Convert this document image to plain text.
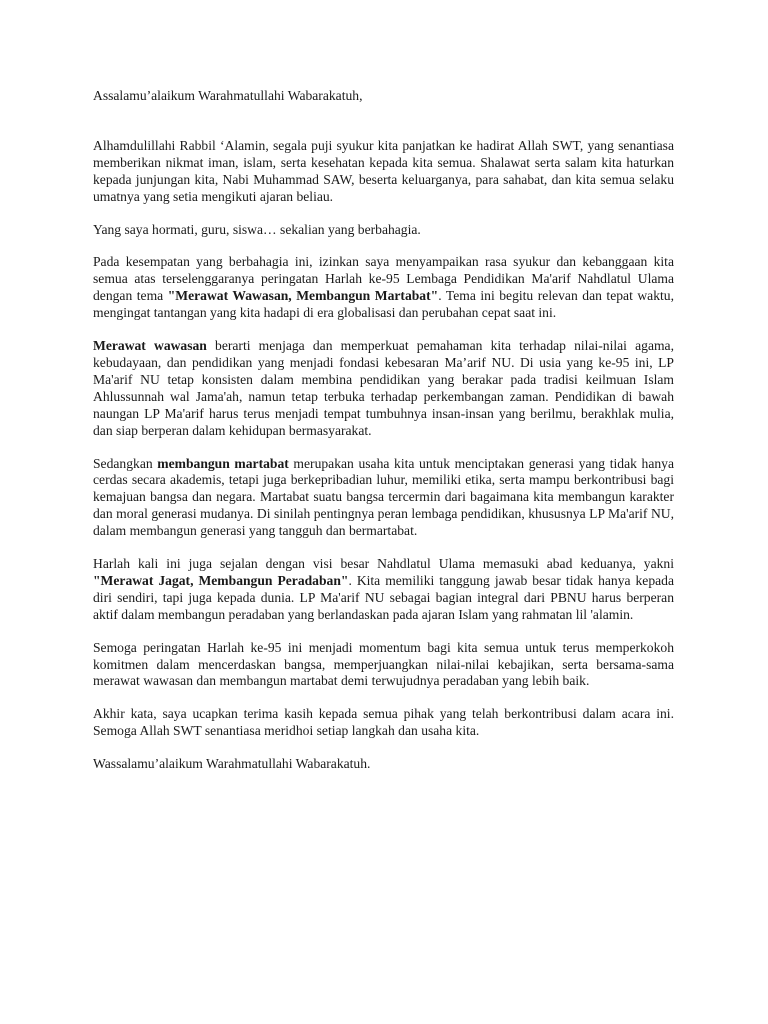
Assalamu’alaikum Warahmatullahi Wabarakatuh,

Alhamdulillahi Rabbil ‘Alamin, segala puji syukur kita panjatkan ke hadirat Allah SWT, yang senantiasa memberikan nikmat iman, islam, serta kesehatan kepada kita semua. Shalawat serta salam kita haturkan kepada junjungan kita, Nabi Muhammad SAW, beserta keluarganya, para sahabat, dan kita semua selaku umatnya yang setia mengikuti ajaran beliau.

Yang saya hormati, guru, siswa… sekalian yang berbahagia.

Pada kesempatan yang berbahagia ini, izinkan saya menyampaikan rasa syukur dan kebanggaan kita semua atas terselenggaranya peringatan Harlah ke-95 Lembaga Pendidikan Ma'arif Nahdlatul Ulama dengan tema "Merawat Wawasan, Membangun Martabat". Tema ini begitu relevan dan tepat waktu, mengingat tantangan yang kita hadapi di era globalisasi dan perubahan cepat saat ini.

Merawat wawasan berarti menjaga dan memperkuat pemahaman kita terhadap nilai-nilai agama, kebudayaan, dan pendidikan yang menjadi fondasi kebesaran Ma’arif NU. Di usia yang ke-95 ini, LP Ma'arif NU tetap konsisten dalam membina pendidikan yang berakar pada tradisi keilmuan Islam Ahlussunnah wal Jama'ah, namun tetap terbuka terhadap perkembangan zaman. Pendidikan di bawah naungan LP Ma'arif harus terus menjadi tempat tumbuhnya insan-insan yang berilmu, berakhlak mulia, dan siap berperan dalam kehidupan bermasyarakat.

Sedangkan membangun martabat merupakan usaha kita untuk menciptakan generasi yang tidak hanya cerdas secara akademis, tetapi juga berkepribadian luhur, memiliki etika, serta mampu berkontribusi bagi kemajuan bangsa dan negara. Martabat suatu bangsa tercermin dari bagaimana kita membangun karakter dan moral generasi mudanya. Di sinilah pentingnya peran lembaga pendidikan, khususnya LP Ma'arif NU, dalam membangun generasi yang tangguh dan bermartabat.

Harlah kali ini juga sejalan dengan visi besar Nahdlatul Ulama memasuki abad keduanya, yakni "Merawat Jagat, Membangun Peradaban". Kita memiliki tanggung jawab besar tidak hanya kepada diri sendiri, tapi juga kepada dunia. LP Ma'arif NU sebagai bagian integral dari PBNU harus berperan aktif dalam membangun peradaban yang berlandaskan pada ajaran Islam yang rahmatan lil 'alamin.

Semoga peringatan Harlah ke-95 ini menjadi momentum bagi kita semua untuk terus memperkokoh komitmen dalam mencerdaskan bangsa, memperjuangkan nilai-nilai kebajikan, serta bersama-sama merawat wawasan dan membangun martabat demi terwujudnya peradaban yang lebih baik.

Akhir kata, saya ucapkan terima kasih kepada semua pihak yang telah berkontribusi dalam acara ini. Semoga Allah SWT senantiasa meridhoi setiap langkah dan usaha kita.

Wassalamu’alaikum Warahmatullahi Wabarakatuh.
